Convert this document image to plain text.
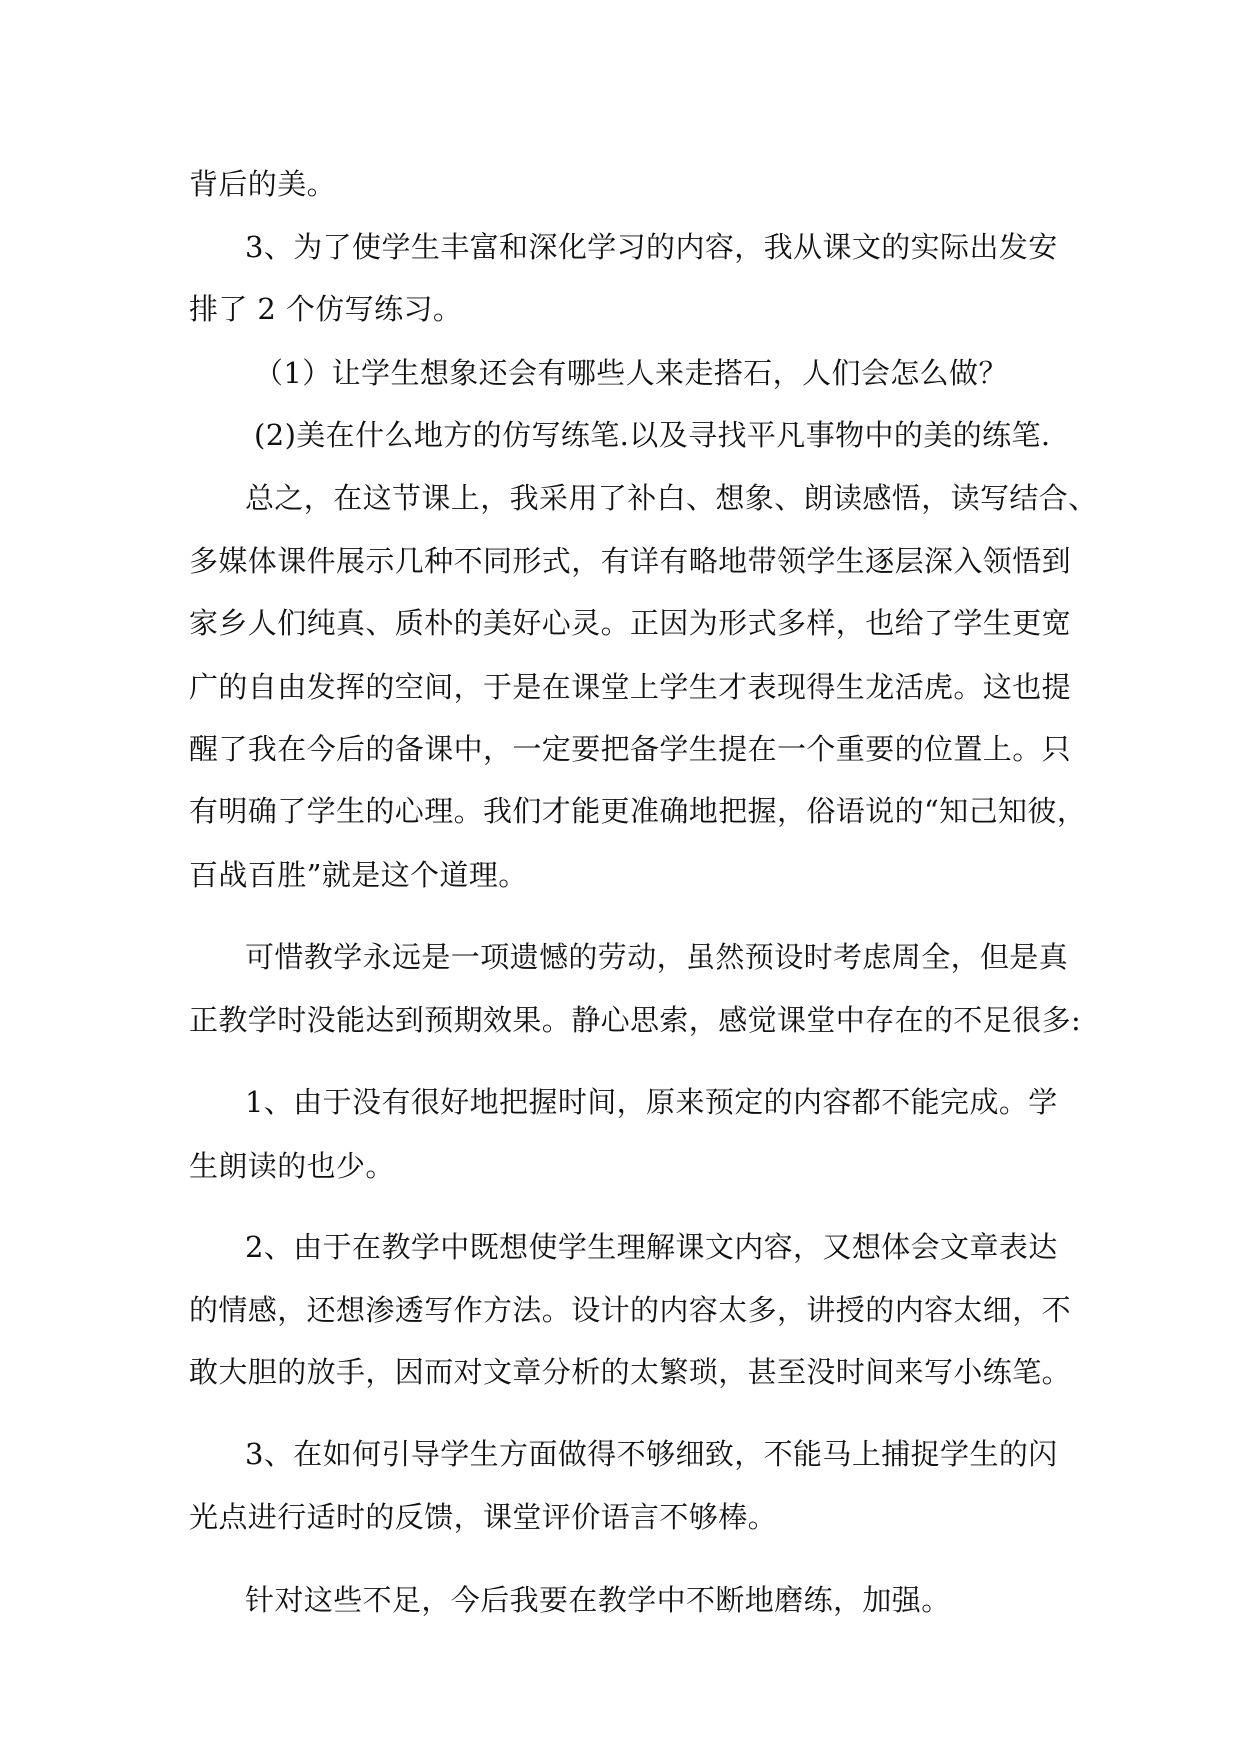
背后的美。
3、为了使学生丰富和深化学习的内容，我从课文的实际出发安
排了 2 个仿写练习。
（1）让学生想象还会有哪些人来走搭石，人们会怎么做？
(2)美在什么地方的仿写练笔.以及寻找平凡事物中的美的练笔.
总之，在这节课上，我采用了补白、想象、朗读感悟，读写结合、
多媒体课件展示几种不同形式，有详有略地带领学生逐层深入领悟到
家乡人们纯真、质朴的美好心灵。正因为形式多样，也给了学生更宽
广的自由发挥的空间，于是在课堂上学生才表现得生龙活虎。这也提
醒了我在今后的备课中，一定要把备学生提在一个重要的位置上。只
有明确了学生的心理。我们才能更准确地把握，俗语说的“知己知彼，
百战百胜”就是这个道理。
可惜教学永远是一项遗憾的劳动，虽然预设时考虑周全，但是真
正教学时没能达到预期效果。静心思索，感觉课堂中存在的不足很多:
1、由于没有很好地把握时间，原来预定的内容都不能完成。学
生朗读的也少。
2、由于在教学中既想使学生理解课文内容，又想体会文章表达
的情感，还想渗透写作方法。设计的内容太多，讲授的内容太细，不
敢大胆的放手，因而对文章分析的太繁琐，甚至没时间来写小练笔。
3、在如何引导学生方面做得不够细致，不能马上捕捉学生的闪
光点进行适时的反馈，课堂评价语言不够棒。
针对这些不足，今后我要在教学中不断地磨练，加强。
